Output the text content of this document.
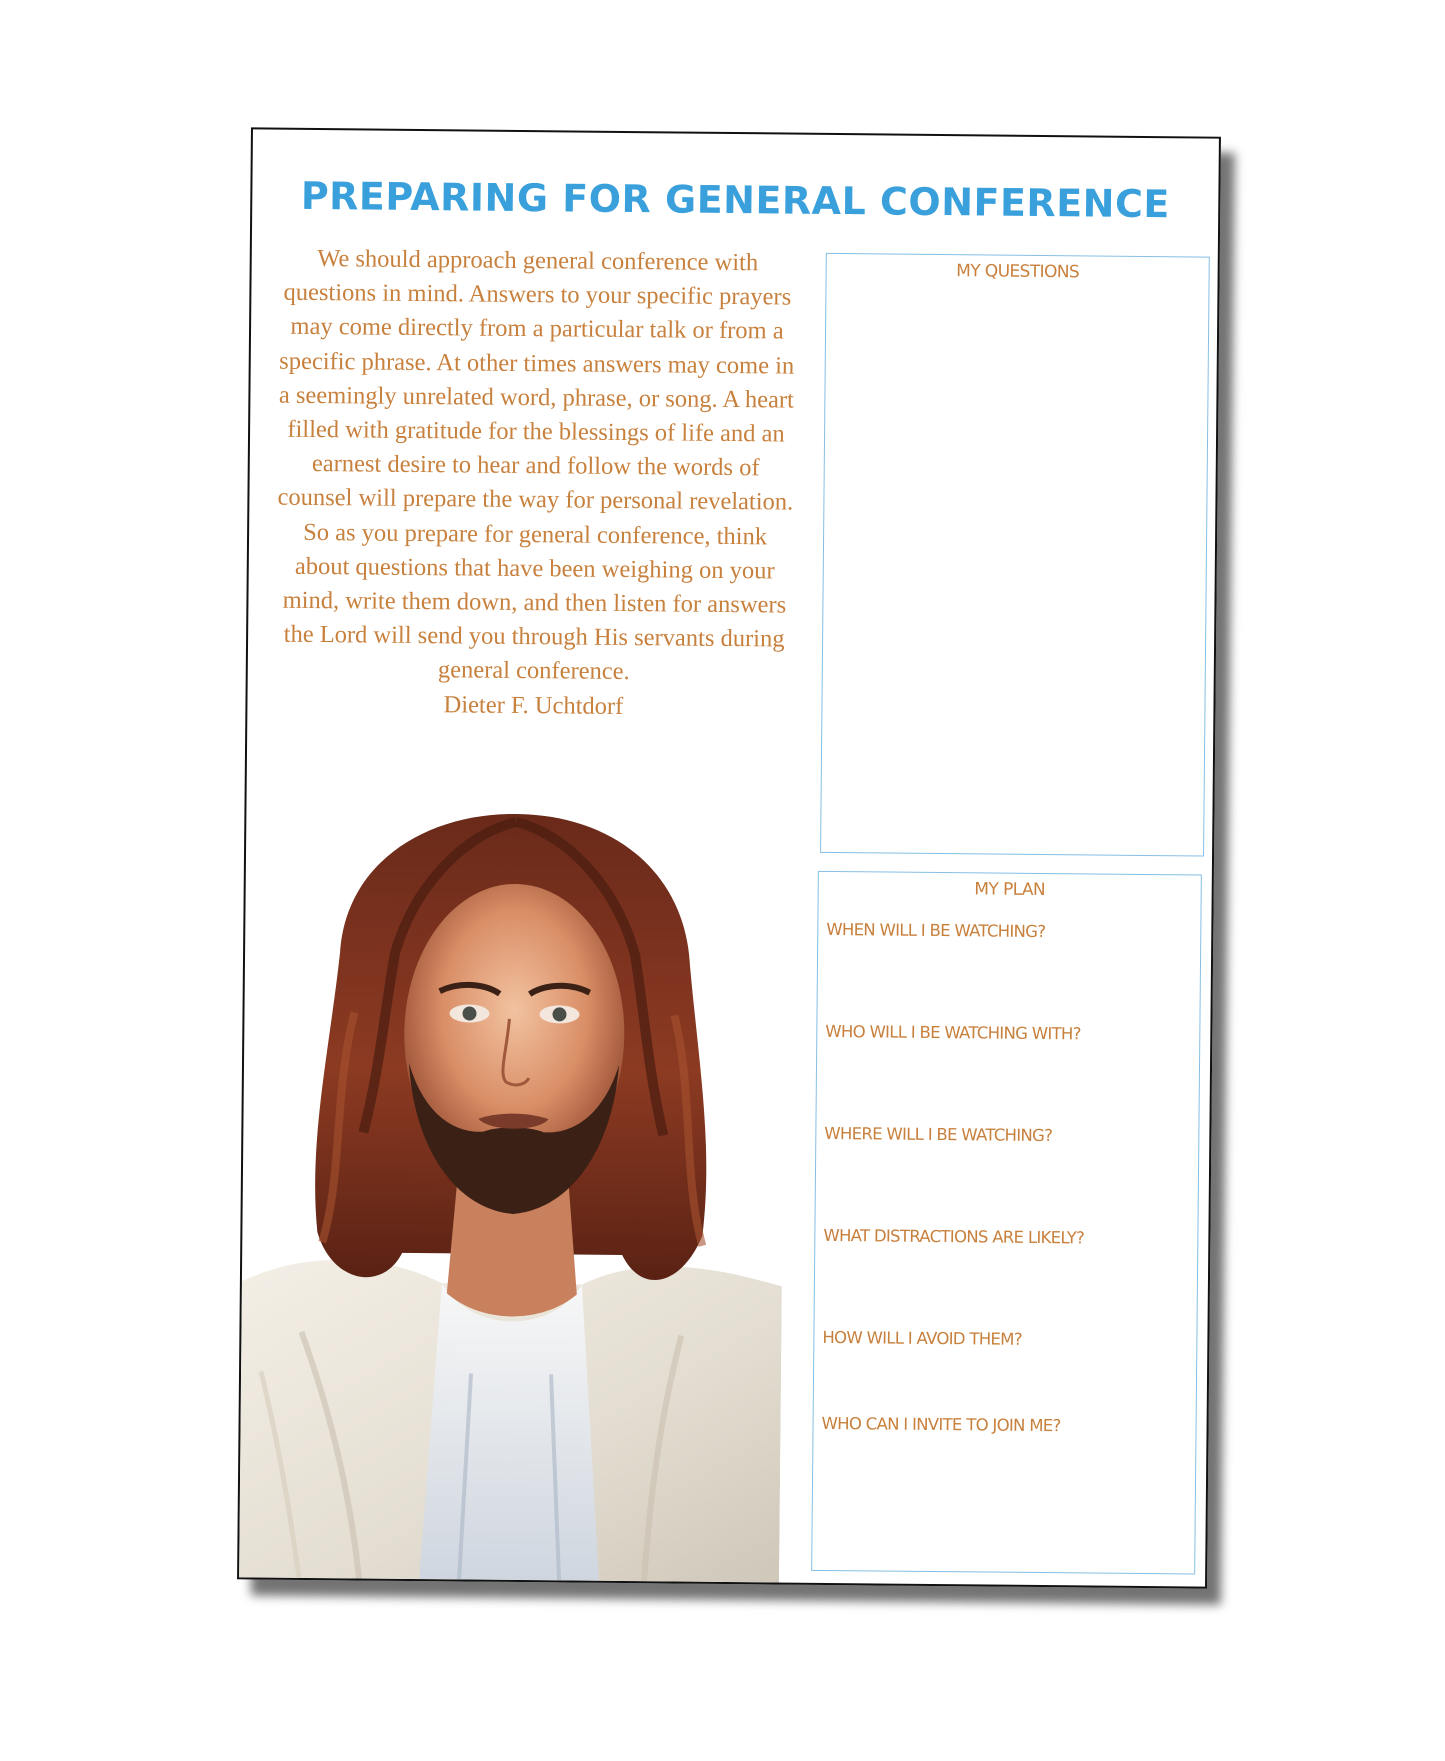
PREPARING FOR GENERAL CONFERENCE

We should approach general conference with questions in mind. Answers to your specific prayers may come directly from a particular talk or from a specific phrase. At other times answers may come in a seemingly unrelated word, phrase, or song. A heart filled with gratitude for the blessings of life and an earnest desire to hear and follow the words of counsel will prepare the way for personal revelation. So as you prepare for general conference, think about questions that have been weighing on your mind, write them down, and then listen for answers the Lord will send you through His servants during general conference.

Dieter F. Uchtdorf

MY QUESTIONS
MY PLAN
WHEN WILL I BE WATCHING?
WHO WILL I BE WATCHING WITH?
WHERE WILL I BE WATCHING?
WHAT DISTRACTIONS ARE LIKELY?
HOW WILL I AVOID THEM?
WHO CAN I INVITE TO JOIN ME?
